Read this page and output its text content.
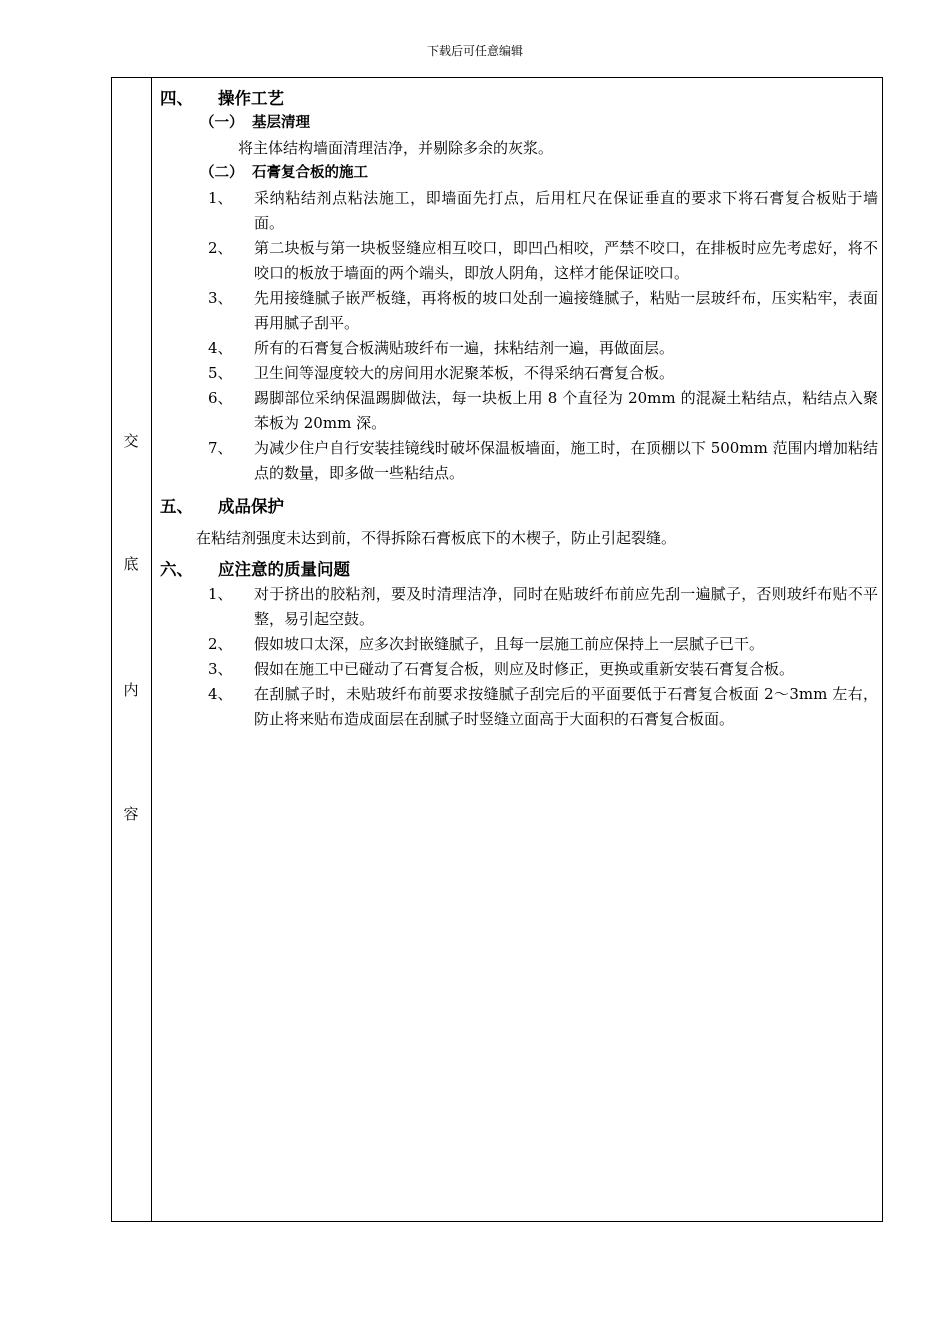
下载后可任意编辑
交
底
内
容
四、 操作工艺
（一） 基层清理
将主体结构墙面清理洁净，并剔除多余的灰浆。
（二） 石膏复合板的施工
1、 采纳粘结剂点粘法施工，即墙面先打点，后用杠尺在保证垂直的要求下将石膏复合板贴于墙面。
2、 第二块板与第一块板竖缝应相互咬口，即凹凸相咬，严禁不咬口，在排板时应先考虑好，将不咬口的板放于墙面的两个端头，即放人阴角，这样才能保证咬口。
3、 先用接缝腻子嵌严板缝，再将板的坡口处刮一遍接缝腻子，粘贴一层玻纤布，压实粘牢，表面再用腻子刮平。
4、 所有的石膏复合板满贴玻纤布一遍，抹粘结剂一遍，再做面层。
5、 卫生间等湿度较大的房间用水泥聚苯板，不得采纳石膏复合板。
6、 踢脚部位采纳保温踢脚做法，每一块板上用 8 个直径为 20mm 的混凝土粘结点，粘结点入聚苯板为 20mm 深。
7、 为减少住户自行安装挂镜线时破坏保温板墙面，施工时，在顶棚以下 500mm 范围内增加粘结点的数量，即多做一些粘结点。
五、 成品保护
在粘结剂强度未达到前，不得拆除石膏板底下的木楔子，防止引起裂缝。
六、 应注意的质量问题
1、 对于挤出的胶粘剂，要及时清理洁净，同时在贴玻纤布前应先刮一遍腻子，否则玻纤布贴不平整，易引起空鼓。
2、 假如坡口太深，应多次封嵌缝腻子，且每一层施工前应保持上一层腻子已干。
3、 假如在施工中已碰动了石膏复合板，则应及时修正，更换或重新安装石膏复合板。
4、 在刮腻子时，未贴玻纤布前要求按缝腻子刮完后的平面要低于石膏复合板面 2～3mm 左右，防止将来贴布造成面层在刮腻子时竖缝立面高于大面积的石膏复合板面。
